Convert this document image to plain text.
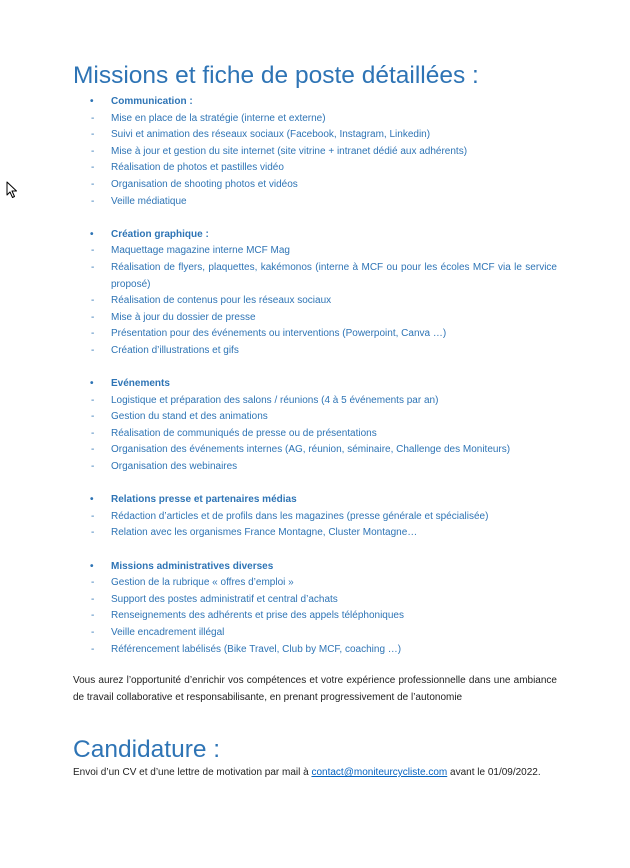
Missions et fiche de poste détaillées :
• Communication :
- Mise en place de la stratégie (interne et externe)
- Suivi et animation des réseaux sociaux (Facebook, Instagram, Linkedin)
- Mise à jour et gestion du site internet (site vitrine + intranet dédié aux adhérents)
- Réalisation de photos et pastilles vidéo
- Organisation de shooting photos et vidéos
- Veille médiatique
• Création graphique :
- Maquettage magazine interne MCF Mag
- Réalisation de flyers, plaquettes, kakémonos (interne à MCF ou pour les écoles MCF via le service proposé)
- Réalisation de contenus pour les réseaux sociaux
- Mise à jour du dossier de presse
- Présentation pour des événements ou interventions (Powerpoint, Canva …)
- Création d’illustrations et gifs
• Evénements
- Logistique et préparation des salons / réunions (4 à 5 événements par an)
- Gestion du stand et des animations
- Réalisation de communiqués de presse ou de présentations
- Organisation des événements internes (AG, réunion, séminaire, Challenge des Moniteurs)
- Organisation des webinaires
• Relations presse et partenaires médias
- Rédaction d’articles et de profils dans les magazines (presse générale et spécialisée)
- Relation avec les organismes France Montagne, Cluster Montagne…
• Missions administratives diverses
- Gestion de la rubrique « offres d’emploi »
- Support des postes administratif et central d’achats
- Renseignements des adhérents et prise des appels téléphoniques
- Veille encadrement illégal
- Référencement labélisés (Bike Travel, Club by MCF, coaching …)

Vous aurez l’opportunité d’enrichir vos compétences et votre expérience professionnelle dans une ambiance de travail collaborative et responsabilisante, en prenant progressivement de l’autonomie

Candidature :

Envoi d’un CV et d’une lettre de motivation par mail à contact@moniteurcycliste.com avant le 01/09/2022.
